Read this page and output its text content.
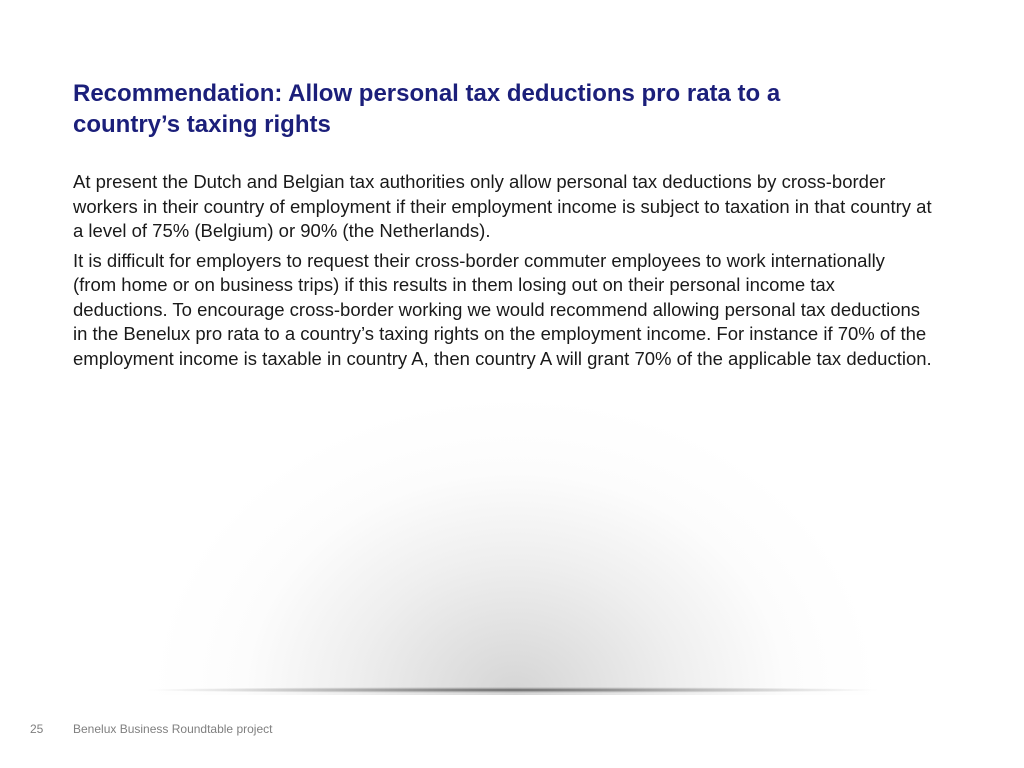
Recommendation: Allow personal tax deductions pro rata to a country’s taxing rights

At present the Dutch and Belgian tax authorities only allow personal tax deductions by cross-border workers in their country of employment if their employment income is subject to taxation in that country at a level of 75% (Belgium) or 90% (the Netherlands).

It is difficult for employers to request their cross-border commuter employees to work internationally (from home or on business trips) if this results in them losing out on their personal income tax deductions. To encourage cross-border working we would recommend allowing personal tax deductions in the Benelux pro rata to a country’s taxing rights on the employment income. For instance if 70% of the employment income is taxable in country A, then country A will grant 70% of the applicable tax deduction.

25 Benelux Business Roundtable project
